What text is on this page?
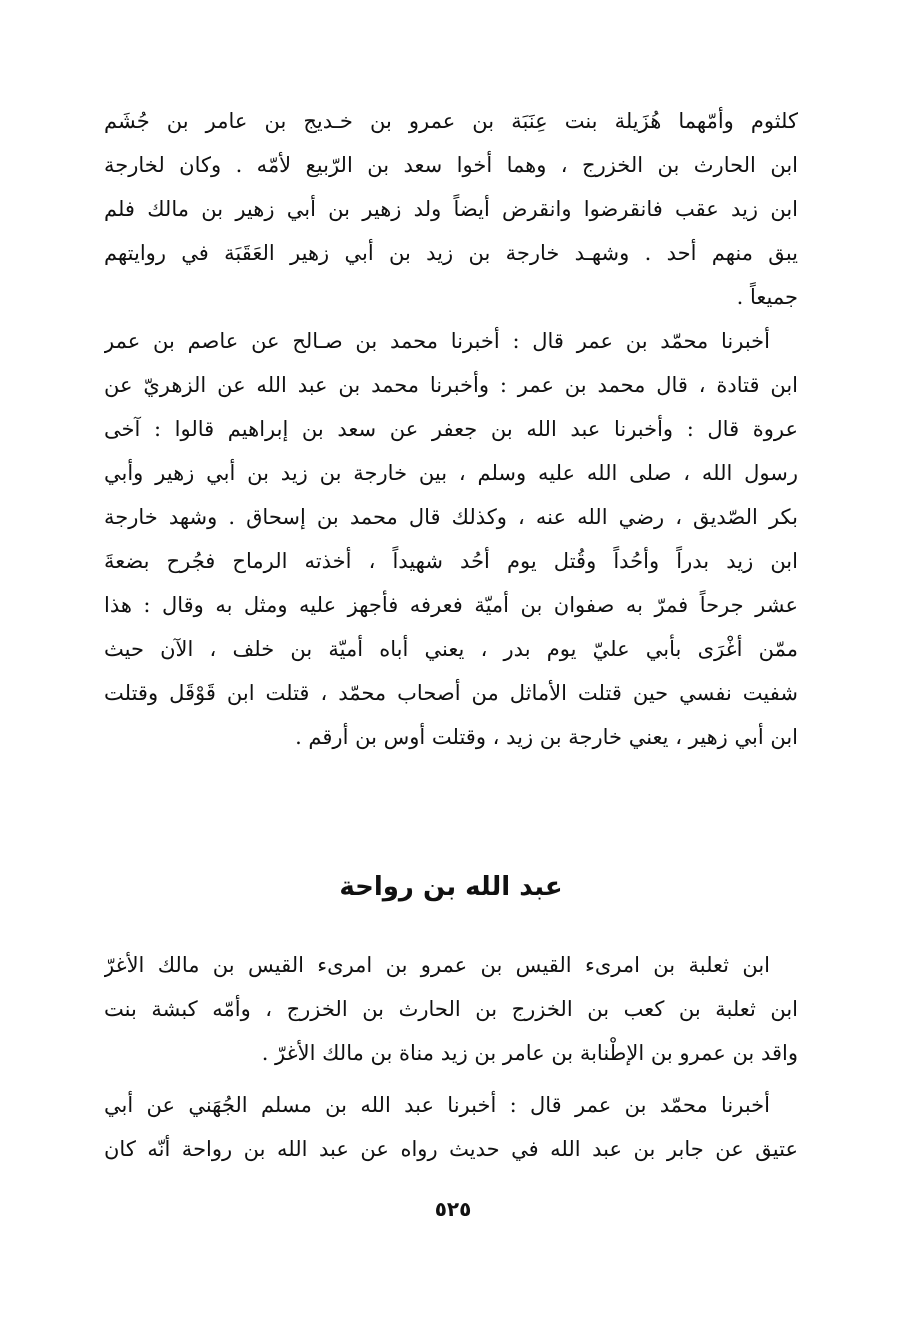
كلثوم وأمّهما هُزَيلة بنت عِنَبَة بن عمرو بن خـديج بن عامر بن جُشَم
ابن الحارث بن الخزرج ، وهما أخوا سعد بن الرّبيع لأمّه . وكان لخارجة
ابن زيد عقب فانقرضوا وانقرض أيضاً ولد زهير بن أبي زهير بن مالك فلم
يبق منهم أحد . وشهـد خارجة بن زيد بن أبي زهير العَقَبَة في روايتهم
جميعاً .
أخبرنا محمّد بن عمر قال : أخبرنا محمد بن صـالح عن عاصم بن عمر
ابن قتادة ، قال محمد بن عمر : وأخبرنا محمد بن عبد الله عن الزهريّ عن
عروة قال : وأخبرنا عبد الله بن جعفر عن سعد بن إبراهيم قالوا : آخى
رسول الله ، صلى الله عليه وسلم ، بين خارجة بن زيد بن أبي زهير وأبي
بكر الصّديق ، رضي الله عنه ، وكذلك قال محمد بن إسحاق . وشهد خارجة
ابن زيد بدراً وأحُداً وقُتل يوم أحُد شهيداً ، أخذته الرماح فجُرح بضعةَ
عشر جرحاً فمرّ به صفوان بن أميّة فعرفه فأجهز عليه ومثل به وقال : هذا
ممّن أغْرَى بأبي عليّ يوم بدر ، يعني أباه أميّة بن خلف ، الآن حيث
شفيت نفسي حين قتلت الأماثل من أصحاب محمّد ، قتلت ابن قَوْقَل وقتلت
ابن أبي زهير ، يعني خارجة بن زيد ، وقتلت أوس بن أرقم .
عبد الله بن رواحة
ابن ثعلبة بن امرىء القيس بن عمرو بن امرىء القيس بن مالك الأغرّ
ابن ثعلبة بن كعب بن الخزرج بن الحارث بن الخزرج ، وأمّه كبشة بنت
واقد بن عمرو بن الإطْنابة بن عامر بن زيد مناة بن مالك الأغرّ .
أخبرنا محمّد بن عمر قال : أخبرنا عبد الله بن مسلم الجُهَني عن أبي
عتيق عن جابر بن عبد الله في حديث رواه عن عبد الله بن رواحة أنّه كان
٥٢٥
